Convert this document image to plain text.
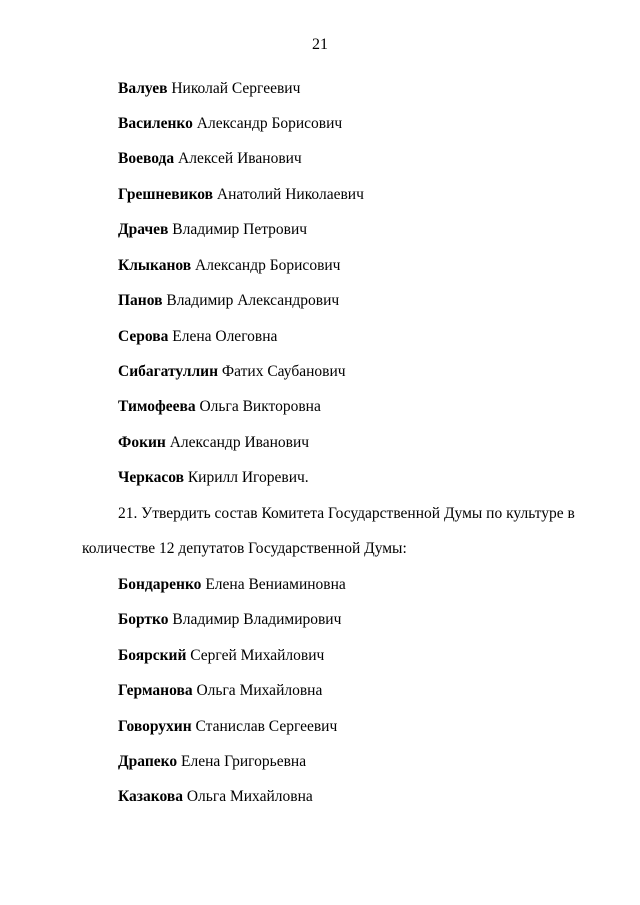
21
Валуев Николай Сергеевич
Василенко Александр Борисович
Воевода Алексей Иванович
Грешневиков Анатолий Николаевич
Драчев Владимир Петрович
Клыканов Александр Борисович
Панов Владимир Александрович
Серова Елена Олеговна
Сибагатуллин Фатих Саубанович
Тимофеева Ольга Викторовна
Фокин Александр Иванович
Черкасов Кирилл Игоревич.
21. Утвердить состав Комитета Государственной Думы по культуре в
количестве 12 депутатов Государственной Думы:
Бондаренко Елена Вениаминовна
Бортко Владимир Владимирович
Боярский Сергей Михайлович
Германова Ольга Михайловна
Говорухин Станислав Сергеевич
Драпеко Елена Григорьевна
Казакова Ольга Михайловна
